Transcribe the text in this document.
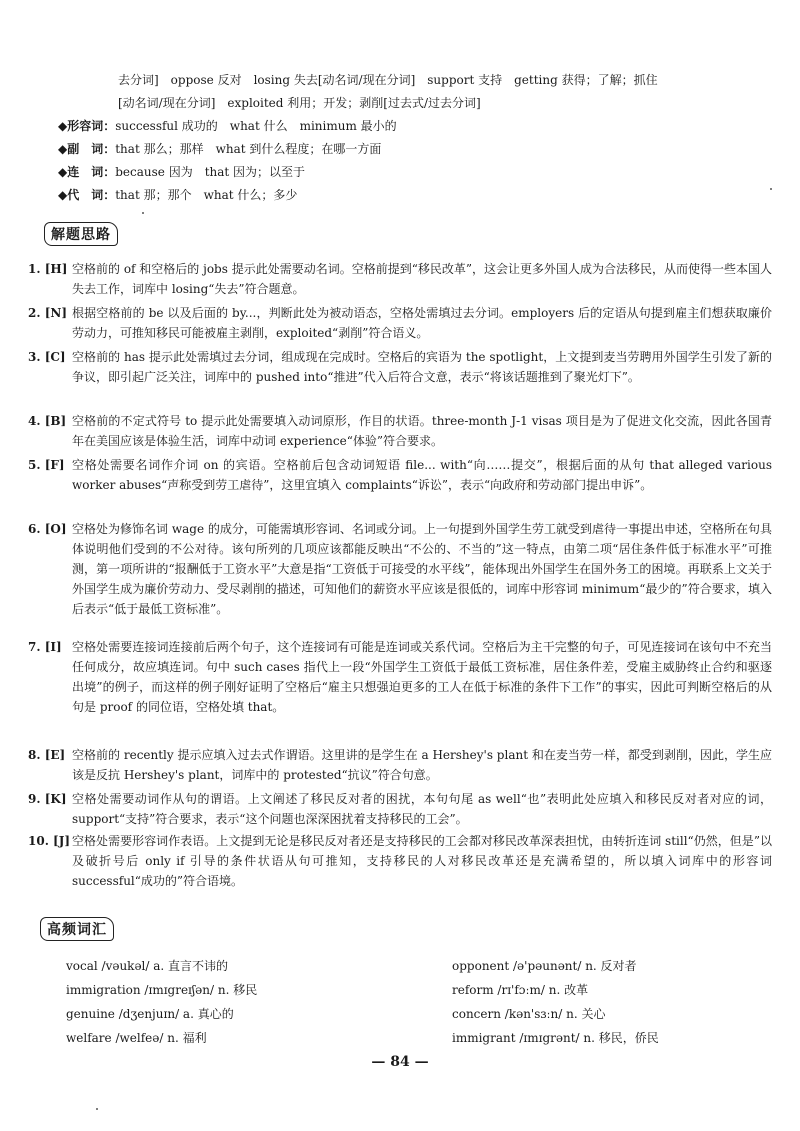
去分词]　oppose 反对　losing 失去[动名词/现在分词]　support 支持　getting 获得；了解；抓住
[动名词/现在分词]　exploited 利用；开发；剥削[过去式/过去分词]
◆形容词：successful 成功的　what 什么　minimum 最小的
◆副　词：that 那么；那样　what 到什么程度；在哪一方面
◆连　词：because 因为　that 因为；以至于
◆代　词：that 那；那个　what 什么；多少
解题思路
1. [H] 空格前的 of 和空格后的 jobs 提示此处需要动名词。空格前提到“移民改革”，这会让更多外国人成为合法移民，从而使得一些本国人失去工作，词库中 losing“失去”符合题意。
2. [N] 根据空格前的 be 以及后面的 by...，判断此处为被动语态，空格处需填过去分词。employers 后的定语从句提到雇主们想获取廉价劳动力，可推知移民可能被雇主剥削，exploited“剥削”符合语义。
3. [C] 空格前的 has 提示此处需填过去分词，组成现在完成时。空格后的宾语为 the spotlight，上文提到麦当劳聘用外国学生引发了新的争议，即引起广泛关注，词库中的 pushed into“推进”代入后符合文意，表示“将该话题推到了聚光灯下”。
4. [B] 空格前的不定式符号 to 提示此处需要填入动词原形，作目的状语。three-month J-1 visas 项目是为了促进文化交流，因此各国青年在美国应该是体验生活，词库中动词 experience“体验”符合要求。
5. [F] 空格处需要名词作介词 on 的宾语。空格前后包含动词短语 file... with“向……提交”，根据后面的从句 that alleged various worker abuses“声称受到劳工虐待”，这里宜填入 complaints“诉讼”，表示“向政府和劳动部门提出申诉”。
6. [O] 空格处为修饰名词 wage 的成分，可能需填形容词、名词或分词。上一句提到外国学生劳工就受到虐待一事提出申述，空格所在句具体说明他们受到的不公对待。该句所列的几项应该都能反映出“不公的、不当的”这一特点，由第二项“居住条件低于标准水平”可推测，第一项所讲的“报酬低于工资水平”大意是指“工资低于可接受的水平线”，能体现出外国学生在国外务工的困境。再联系上文关于外国学生成为廉价劳动力、受尽剥削的描述，可知他们的薪资水平应该是很低的，词库中形容词 minimum“最少的”符合要求，填入后表示“低于最低工资标准”。
7. [I] 空格处需要连接词连接前后两个句子，这个连接词有可能是连词或关系代词。空格后为主干完整的句子，可见连接词在该句中不充当任何成分，故应填连词。句中 such cases 指代上一段“外国学生工资低于最低工资标准，居住条件差，受雇主威胁终止合约和驱逐出境”的例子，而这样的例子刚好证明了空格后“雇主只想强迫更多的工人在低于标准的条件下工作”的事实，因此可判断空格后的从句是 proof 的同位语，空格处填 that。
8. [E] 空格前的 recently 提示应填入过去式作谓语。这里讲的是学生在 a Hershey's plant 和在麦当劳一样，都受到剥削，因此，学生应该是反抗 Hershey's plant，词库中的 protested“抗议”符合句意。
9. [K] 空格处需要动词作从句的谓语。上文阐述了移民反对者的困扰，本句句尾 as well“也”表明此处应填入和移民反对者对应的词，support“支持”符合要求，表示“这个问题也深深困扰着支持移民的工会”。
10. [J] 空格处需要形容词作表语。上文提到无论是移民反对者还是支持移民的工会都对移民改革深表担忧，由转折连词 still“仍然，但是”以及破折号后 only if 引导的条件状语从句可推知，支持移民的人对移民改革还是充满希望的，所以填入词库中的形容词 successful“成功的”符合语境。
高频词汇
vocal /vəukəl/ a. 直言不讳的
immigration /ɪmɪgreɪʃən/ n. 移民
genuine /dʒenjuɪn/ a. 真心的
welfare /welfeə/ n. 福利
opponent /ə'pəunənt/ n. 反对者
reform /rɪ'fɔːm/ n. 改革
concern /kən'sɜːn/ n. 关心
immigrant /ɪmɪgrənt/ n. 移民，侨民
— 84 —
